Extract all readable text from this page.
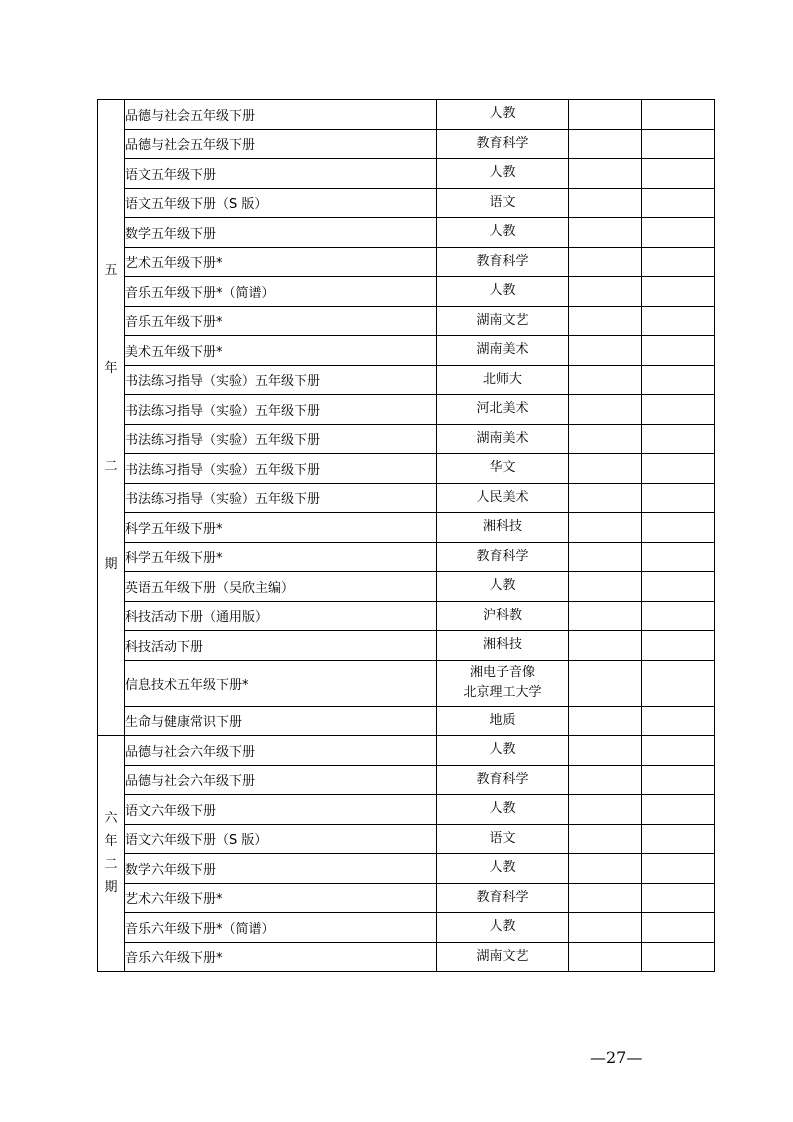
五
年
二
期	品德与社会五年级下册	人教		

	品德与社会五年级下册	教育科学		

	语文五年级下册	人教		

	语文五年级下册（S 版）	语文		

	数学五年级下册	人教		

	艺术五年级下册*	教育科学		

	音乐五年级下册*（简谱）	人教		

	音乐五年级下册*	湖南文艺		

	美术五年级下册*	湖南美术		

	书法练习指导（实验）五年级下册	北师大		

	书法练习指导（实验）五年级下册	河北美术		

	书法练习指导（实验）五年级下册	湖南美术		

	书法练习指导（实验）五年级下册	华文		

	书法练习指导（实验）五年级下册	人民美术		

	科学五年级下册*	湘科技		

	科学五年级下册*	教育科学		

	英语五年级下册（吴欣主编）	人教		

	科技活动下册（通用版）	沪科教		

	科技活动下册	湘科技		

	信息技术五年级下册*	湘电子音像
北京理工大学		

	生命与健康常识下册	地质		

六
年
二
期	品德与社会六年级下册	人教		

	品德与社会六年级下册	教育科学		

	语文六年级下册	人教		

	语文六年级下册（S 版）	语文		

	数学六年级下册	人教		

	艺术六年级下册*	教育科学		

	音乐六年级下册*（简谱）	人教		

	音乐六年级下册*	湖南文艺		

—27—
